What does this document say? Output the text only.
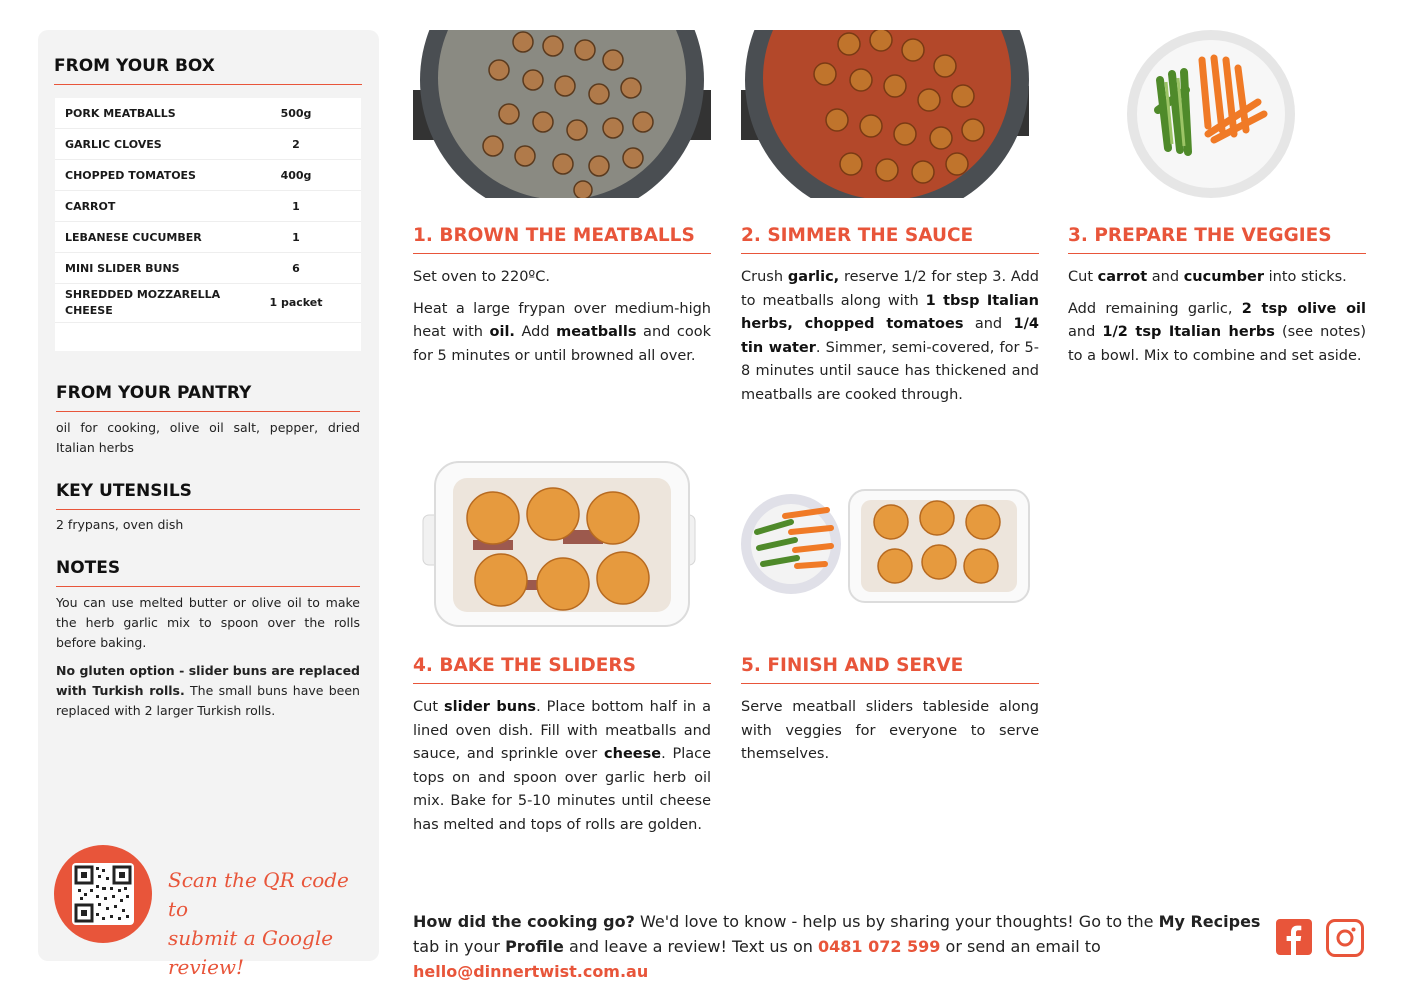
FROM YOUR BOX
PORK MEATBALLS	500g
GARLIC CLOVES	2
CHOPPED TOMATOES	400g
CARROT	1
LEBANESE CUCUMBER	1
MINI SLIDER BUNS	6
SHREDDED MOZZARELLA CHEESE	1 packet

FROM YOUR PANTRY
oil for cooking, olive oil salt, pepper, dried Italian herbs
KEY UTENSILS
2 frypans, oven dish
NOTES
You can use melted butter or olive oil to make the herb garlic mix to spoon over the rolls before baking.
No gluten option - slider buns are replaced with Turkish rolls. The small buns have been replaced with 2 larger Turkish rolls.
Scan the QR code to
submit a Google review!
1. BROWN THE MEATBALLS

Set oven to 220ºC.

Heat a large frypan over medium-high heat with oil. Add meatballs and cook for 5 minutes or until browned all over.

2. SIMMER THE SAUCE

Crush garlic, reserve 1/2 for step 3. Add to meatballs along with 1 tbsp Italian herbs, chopped tomatoes and 1/4 tin water. Simmer, semi-covered, for 5-8 minutes until sauce has thickened and meatballs are cooked through.

3. PREPARE THE VEGGIES

Cut carrot and cucumber into sticks.

Add remaining garlic, 2 tsp olive oil and 1/2 tsp Italian herbs (see notes) to a bowl. Mix to combine and set aside.

4. BAKE THE SLIDERS

Cut slider buns. Place bottom half in a lined oven dish. Fill with meatballs and sauce, and sprinkle over cheese. Place tops on and spoon over garlic herb oil mix. Bake for 5-10 minutes until cheese has melted and tops of rolls are golden.

5. FINISH AND SERVE

Serve meatball sliders tableside along with veggies for everyone to serve themselves.

How did the cooking go? We'd love to know - help us by sharing your thoughts! Go to the My Recipes tab in your Profile and leave a review! Text us on 0481 072 599 or send an email to hello@dinnertwist.com.au
